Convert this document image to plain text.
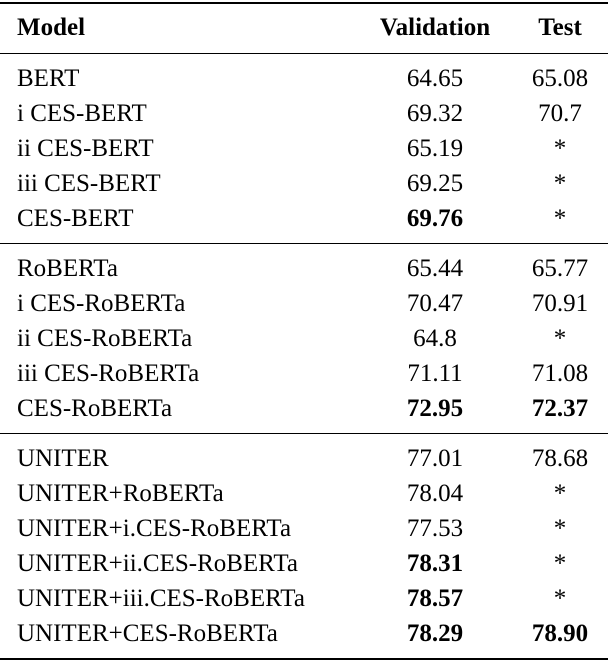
Model	Validation	Test
BERT	64.65	65.08
i CES-BERT	69.32	70.7
ii CES-BERT	65.19	*
iii CES-BERT	69.25	*
CES-BERT	69.76	*
RoBERTa	65.44	65.77
i CES-RoBERTa	70.47	70.91
ii CES-RoBERTa	64.8	*
iii CES-RoBERTa	71.11	71.08
CES-RoBERTa	72.95	72.37
UNITER	77.01	78.68
UNITER+RoBERTa	78.04	*
UNITER+i.CES-RoBERTa	77.53	*
UNITER+ii.CES-RoBERTa	78.31	*
UNITER+iii.CES-RoBERTa	78.57	*
UNITER+CES-RoBERTa	78.29	78.90
